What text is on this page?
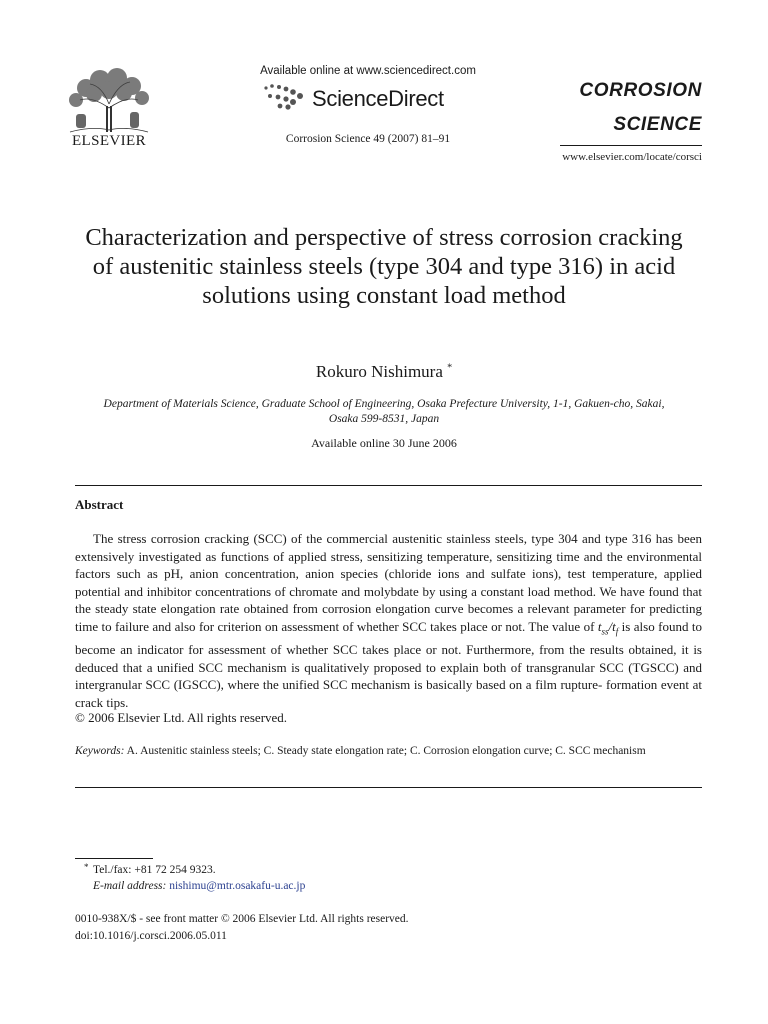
ELSEVIER
Available online at www.sciencedirect.com
ScienceDirect
Corrosion Science 49 (2007) 81–91
CORROSION
SCIENCE
www.elsevier.com/locate/corsci
Characterization and perspective of stress corrosion cracking of austenitic stainless steels (type 304 and type 316) in acid solutions using constant load method
Rokuro Nishimura *
Department of Materials Science, Graduate School of Engineering, Osaka Prefecture University, 1-1, Gakuen-cho, Sakai, Osaka 599-8531, Japan
Available online 30 June 2006
Abstract
The stress corrosion cracking (SCC) of the commercial austenitic stainless steels, type 304 and type 316 has been extensively investigated as functions of applied stress, sensitizing temperature, sensitizing time and the environmental factors such as pH, anion concentration, anion species (chloride ions and sulfate ions), test temperature, applied potential and inhibitor concentrations of chromate and molybdate by using a constant load method. We have found that the steady state elongation rate obtained from corrosion elongation curve becomes a relevant parameter for predicting time to failure and also for criterion on assessment of whether SCC takes place or not. The value of $t_{ss}/t_f$ is also found to become an indicator for assessment of whether SCC takes place or not. Furthermore, from the results obtained, it is deduced that a unified SCC mechanism is qualitatively proposed to explain both of transgranular SCC (TGSCC) and intergranular SCC (IGSCC), where the unified SCC mechanism is basically based on a film rupture- formation event at crack tips.
© 2006 Elsevier Ltd. All rights reserved.
Keywords: A. Austenitic stainless steels; C. Steady state elongation rate; C. Corrosion elongation curve; C. SCC mechanism
* Tel./fax: +81 72 254 9323.
E-mail address: nishimu@mtr.osakafu-u.ac.jp
0010-938X/$ - see front matter © 2006 Elsevier Ltd. All rights reserved.
doi:10.1016/j.corsci.2006.05.011
